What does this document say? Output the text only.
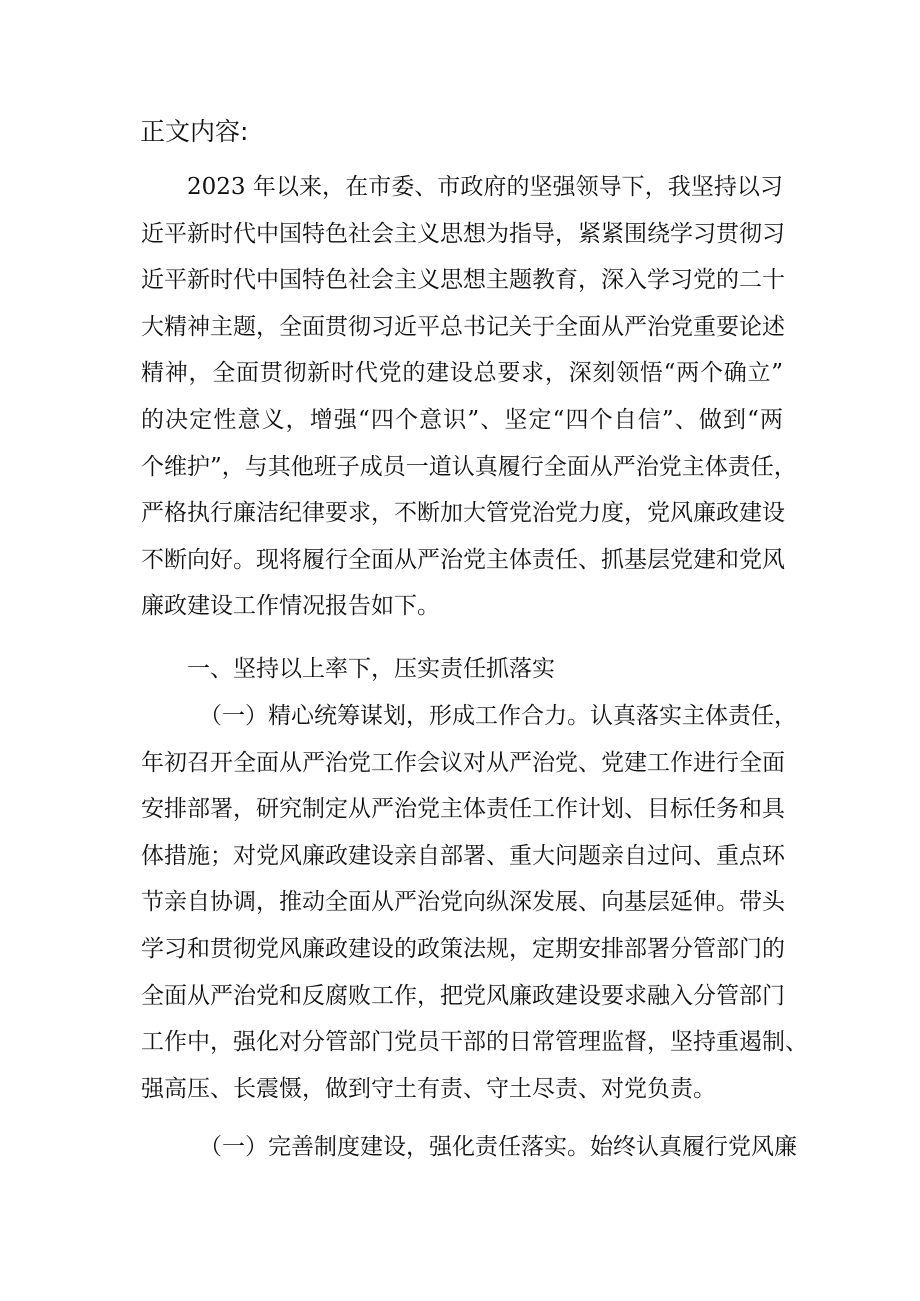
正文内容:
2023 年以来，在市委、市政府的坚强领导下，我坚持以习
近平新时代中国特色社会主义思想为指导，紧紧围绕学习贯彻习
近平新时代中国特色社会主义思想主题教育，深入学习党的二十
大精神主题，全面贯彻习近平总书记关于全面从严治党重要论述
精神，全面贯彻新时代党的建设总要求，深刻领悟“两个确立”
的决定性意义，增强“四个意识”、坚定“四个自信”、做到“两
个维护”，与其他班子成员一道认真履行全面从严治党主体责任，
严格执行廉洁纪律要求，不断加大管党治党力度，党风廉政建设
不断向好。现将履行全面从严治党主体责任、抓基层党建和党风
廉政建设工作情况报告如下。
一、坚持以上率下，压实责任抓落实
（一）精心统筹谋划，形成工作合力。认真落实主体责任，
年初召开全面从严治党工作会议对从严治党、党建工作进行全面
安排部署，研究制定从严治党主体责任工作计划、目标任务和具
体措施；对党风廉政建设亲自部署、重大问题亲自过问、重点环
节亲自协调，推动全面从严治党向纵深发展、向基层延伸。带头
学习和贯彻党风廉政建设的政策法规，定期安排部署分管部门的
全面从严治党和反腐败工作，把党风廉政建设要求融入分管部门
工作中，强化对分管部门党员干部的日常管理监督，坚持重遏制、
强高压、长震慑，做到守土有责、守土尽责、对党负责。
（一）完善制度建设，强化责任落实。始终认真履行党风廉
